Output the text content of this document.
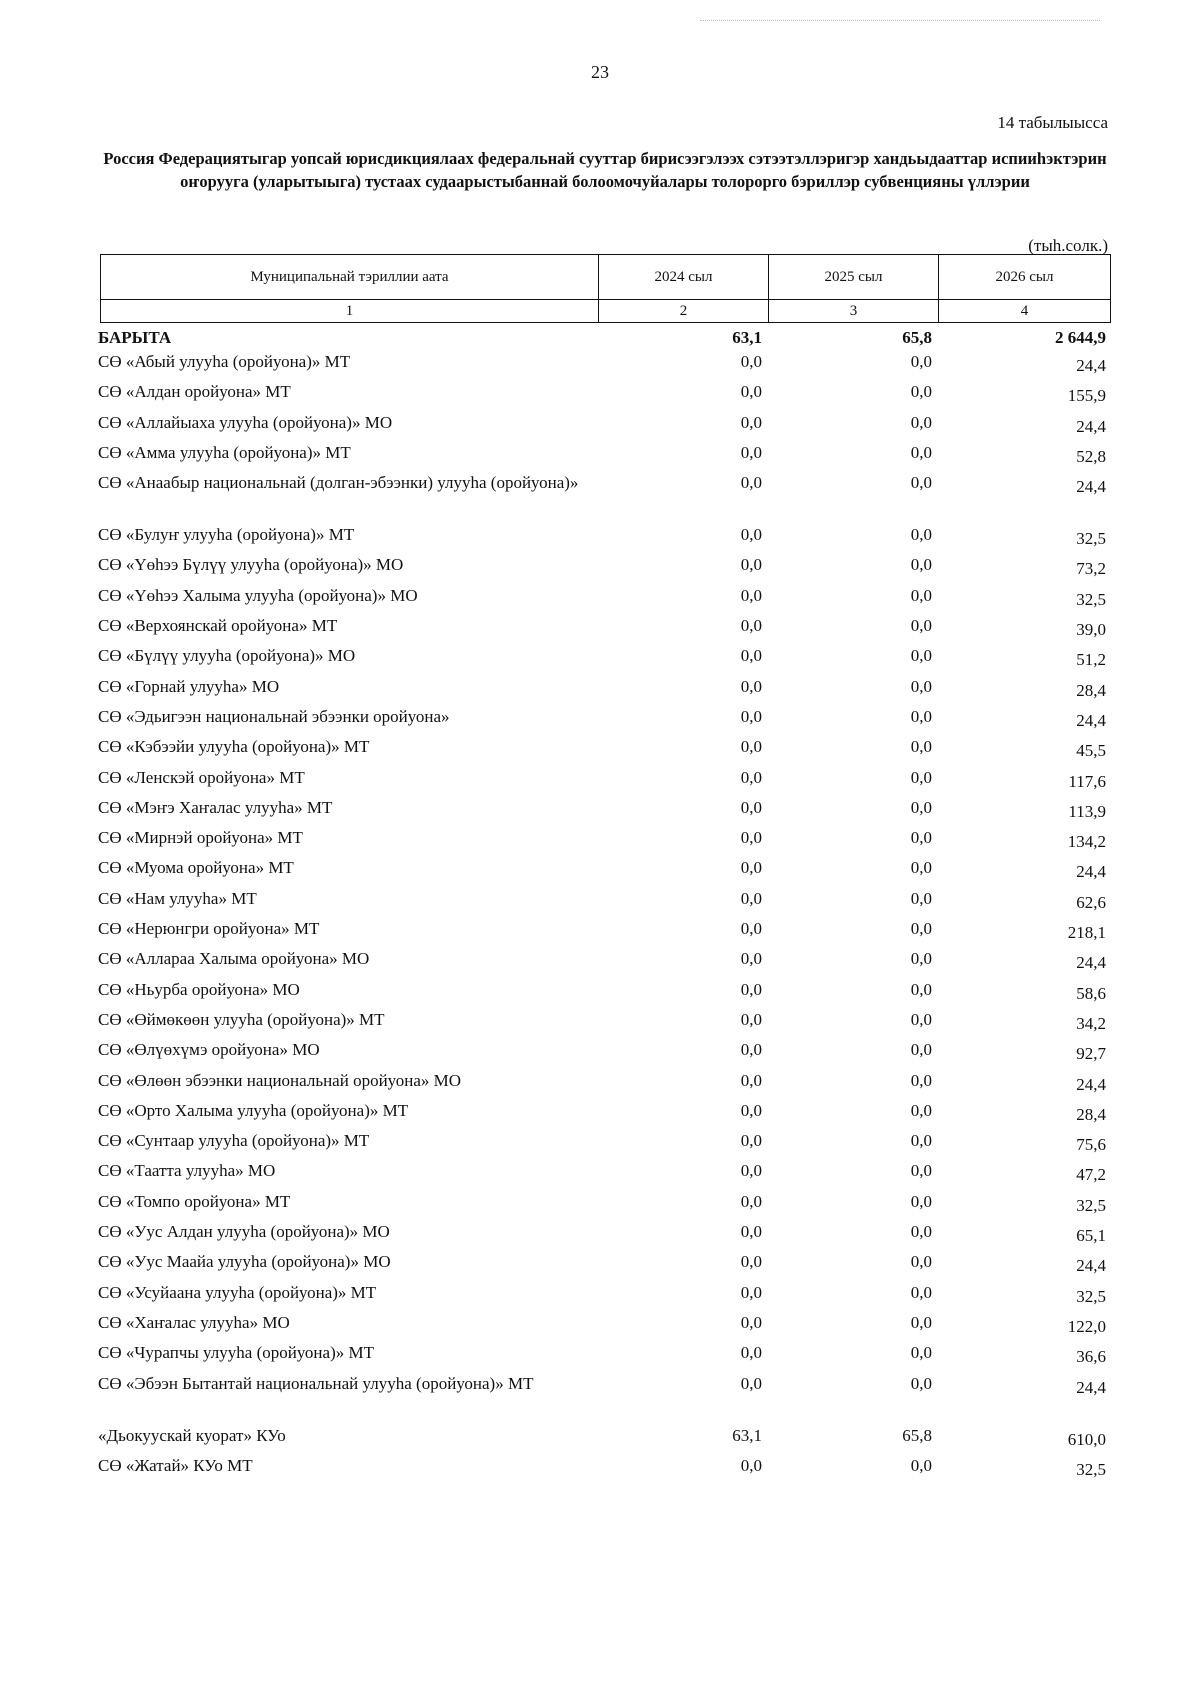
23
14 табылыысса
Россия Федерациятыгар уопсай юрисдикциялаах федеральнай сууттар бирисээгэлээх сэтээтэллэригэр хандьыдааттар испииһэктэрин оҥоруугa (уларытыыга) тустаах судаарыстыбаннай болоомочуйалары толорорго бэриллэр субвенцияны үллэрии
(тыһ.солк.)
Муниципальнай тэриллии аата	2024 сыл	2025 сыл	2026 сыл
1	2	3	4
БАРЫТА	63,1	65,8	2 644,9
СӨ «Абый улууһа (оройуона)» МТ	0,0	0,0	24,4
СӨ «Алдан оройуона» МТ	0,0	0,0	155,9
СӨ «Аллайыаха улууһа (оройуона)» МО	0,0	0,0	24,4
СӨ «Амма улууһа (оройуона)» МТ	0,0	0,0	52,8
СӨ «Анаабыр национальнай (долган-эбээнки) улууһа (оройуона)»	0,0	0,0	24,4
СӨ «Булуҥ улууһа (оройуона)» МТ	0,0	0,0	32,5
СӨ «Үөһээ Бүлүү улууһа (оройуона)» МО	0,0	0,0	73,2
СӨ «Үөһээ Халыма улууһа (оройуона)» МО	0,0	0,0	32,5
СӨ «Верхоянскай оройуона» МТ	0,0	0,0	39,0
СӨ «Бүлүү улууһа (оройуона)» МО	0,0	0,0	51,2
СӨ «Горнай улууһа» МО	0,0	0,0	28,4
СӨ «Эдьигээн национальнай эбээнки оройуона»	0,0	0,0	24,4
СӨ «Кэбээйи улууһа (оройуона)» МТ	0,0	0,0	45,5
СӨ «Ленскэй оройуона» МТ	0,0	0,0	117,6
СӨ «Мэҥэ Хаҥалас улууһа» МТ	0,0	0,0	113,9
СӨ «Мирнэй оройуона» МТ	0,0	0,0	134,2
СӨ «Муома оройуона» МТ	0,0	0,0	24,4
СӨ «Нам улууһа» МТ	0,0	0,0	62,6
СӨ «Нерюнгри оройуона» МТ	0,0	0,0	218,1
СӨ «Аллараа Халыма оройуона» МО	0,0	0,0	24,4
СӨ «Ньурба оройуона» МО	0,0	0,0	58,6
СӨ «Өймөкөөн улууһа (оройуона)» МТ	0,0	0,0	34,2
СӨ «Өлүөхүмэ оройуона» МО	0,0	0,0	92,7
СӨ «Өлөөн эбээнки национальнай оройуона» МО	0,0	0,0	24,4
СӨ «Орто Халыма улууһа (оройуона)» МТ	0,0	0,0	28,4
СӨ «Сунтаар улууһа (оройуона)» МТ	0,0	0,0	75,6
СӨ «Таатта улууһа» МО	0,0	0,0	47,2
СӨ «Томпо оройуона» МТ	0,0	0,0	32,5
СӨ «Уус Алдан улууһа (оройуона)» МО	0,0	0,0	65,1
СӨ «Уус Маайа улууһа (оройуона)» МО	0,0	0,0	24,4
СӨ «Усуйаана улууһа (оройуона)» МТ	0,0	0,0	32,5
СӨ «Хаҥалас улууһа» МО	0,0	0,0	122,0
СӨ «Чурапчы улууһа (оройуона)» МТ	0,0	0,0	36,6
СӨ «Эбээн Бытантай национальнай улууһа (оройуона)» МТ	0,0	0,0	24,4

«Дьокуускай куорат» КУо	63,1	65,8	610,0
СӨ «Жатай» КУо МТ	0,0	0,0	32,5
